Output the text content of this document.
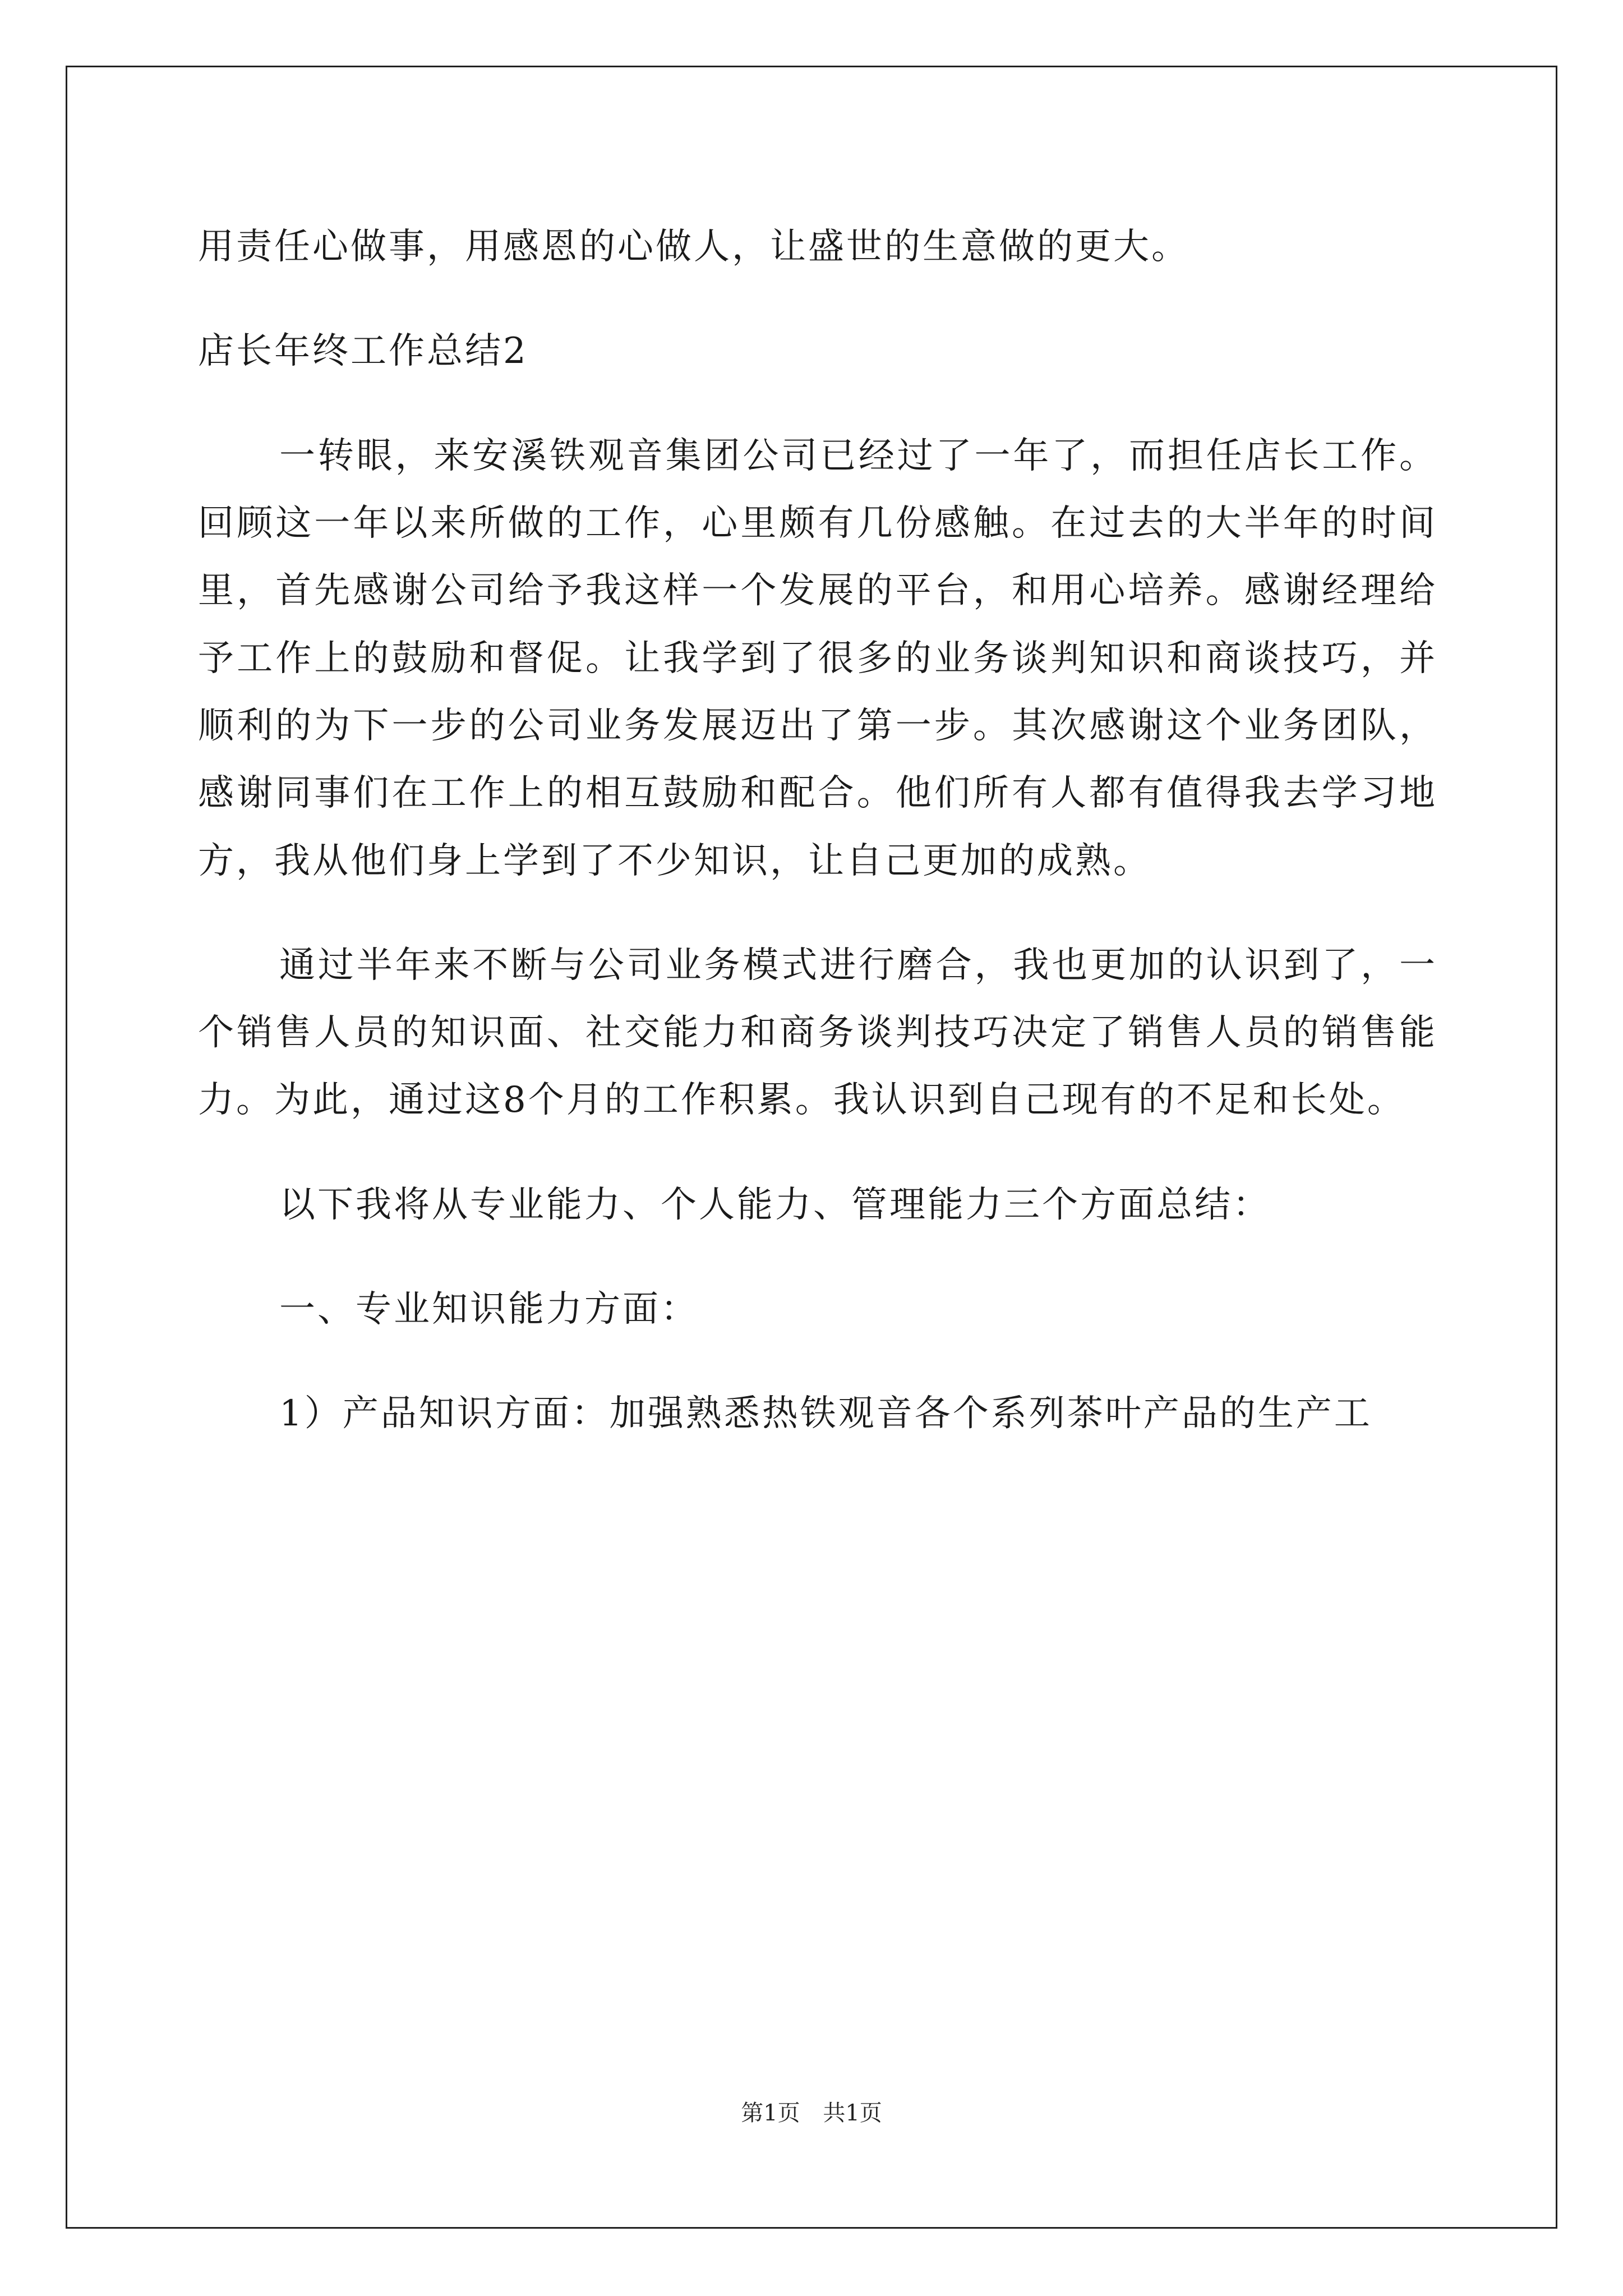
用责任心做事，用感恩的心做人，让盛世的生意做的更大。

店长年终工作总结2

一转眼，来安溪铁观音集团公司已经过了一年了，而担任店长工作。回顾这一年以来所做的工作，心里颇有几份感触。在过去的大半年的时间里，首先感谢公司给予我这样一个发展的平台，和用心培养。感谢经理给予工作上的鼓励和督促。让我学到了很多的业务谈判知识和商谈技巧，并顺利的为下一步的公司业务发展迈出了第一步。其次感谢这个业务团队，感谢同事们在工作上的相互鼓励和配合。他们所有人都有值得我去学习地方，我从他们身上学到了不少知识，让自己更加的成熟。

通过半年来不断与公司业务模式进行磨合，我也更加的认识到了，一个销售人员的知识面、社交能力和商务谈判技巧决定了销售人员的销售能力。为此，通过这8个月的工作积累。我认识到自己现有的不足和长处。

以下我将从专业能力、个人能力、管理能力三个方面总结：

一、专业知识能力方面：

1）产品知识方面：加强熟悉热铁观音各个系列茶叶产品的生产工

第1页 共1页
